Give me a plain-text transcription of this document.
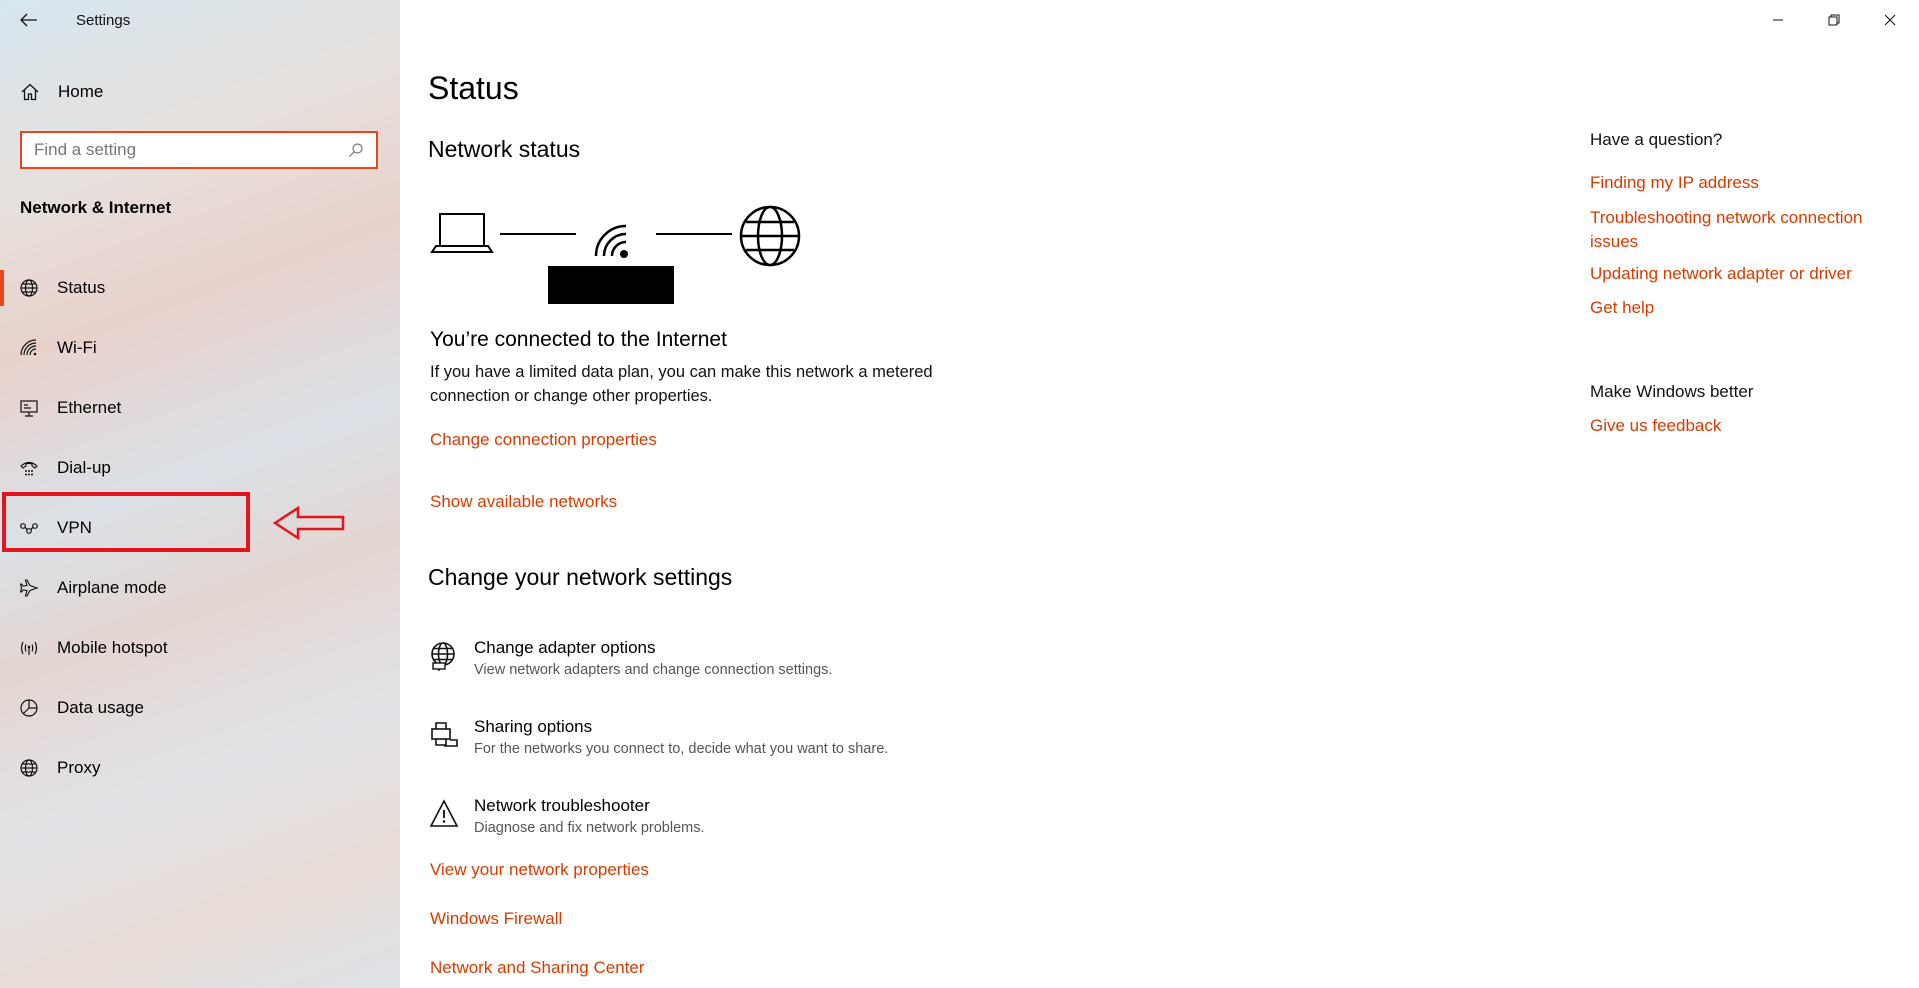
Settings
Home
Find a setting
Network & Internet
Status
Wi-Fi
Ethernet
Dial-up
VPN
Airplane mode
Mobile hotspot
Data usage
Proxy
Status
Network status
You’re connected to the Internet
If you have a limited data plan, you can make this network a metered connection or change other properties.
Change connection properties
Show available networks
Change your network settings
Change adapter options
View network adapters and change connection settings.
Sharing options
For the networks you connect to, decide what you want to share.
Network troubleshooter
Diagnose and fix network problems.
View your network properties
Windows Firewall
Network and Sharing Center
Have a question?
Finding my IP address
Troubleshooting network connection issues
Updating network adapter or driver
Get help
Make Windows better
Give us feedback
